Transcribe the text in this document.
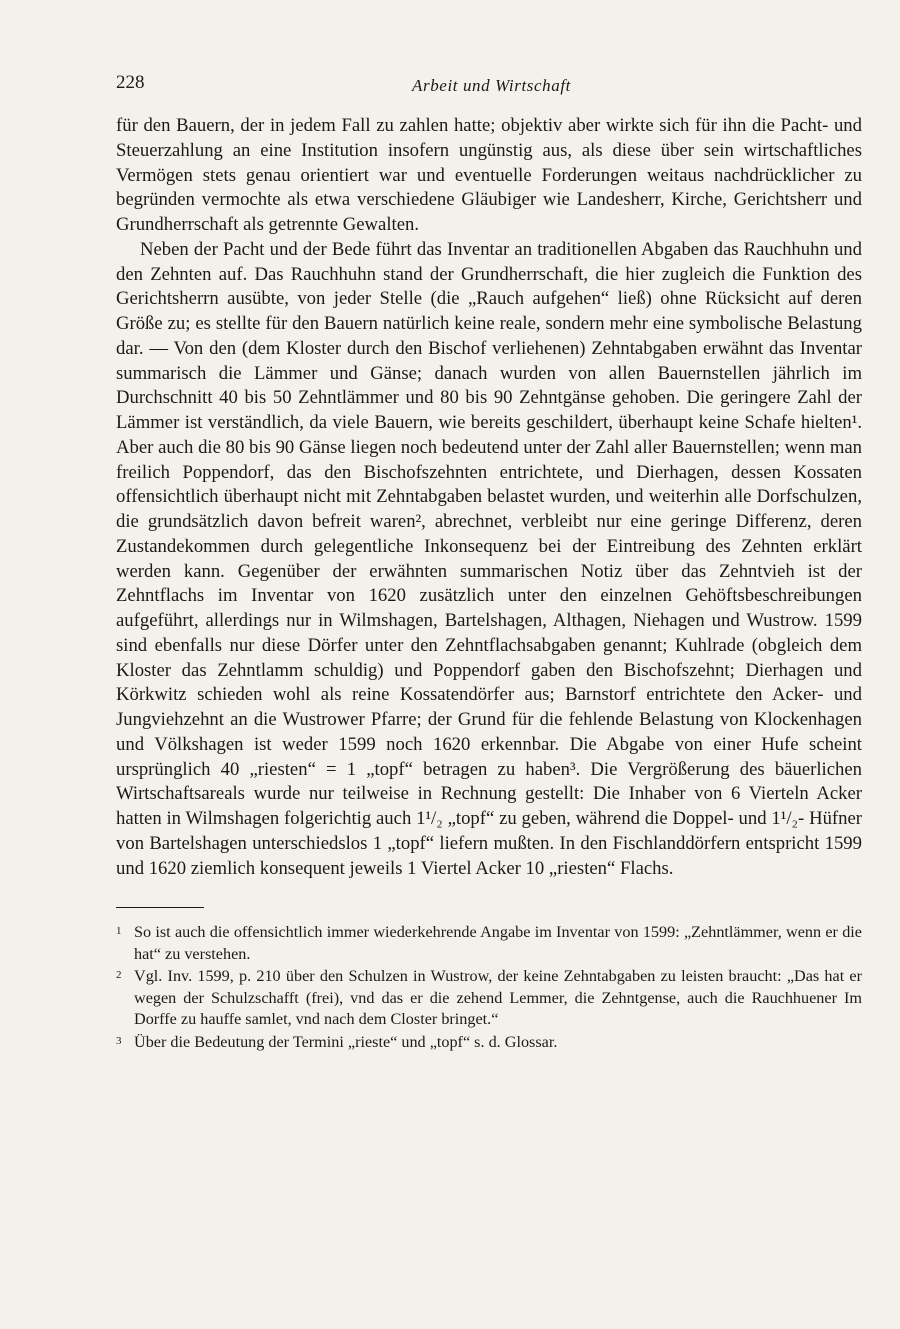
228	Arbeit und Wirtschaft

für den Bauern, der in jedem Fall zu zahlen hatte; objektiv aber wirkte sich für ihn die Pacht- und Steuerzahlung an eine Institution insofern ungünstig aus, als diese über sein wirtschaftliches Vermögen stets genau orientiert war und eventuelle Forderungen weitaus nachdrücklicher zu begründen vermochte als etwa verschiedene Gläubiger wie Landesherr, Kirche, Gerichtsherr und Grundherrschaft als getrennte Gewalten.

Neben der Pacht und der Bede führt das Inventar an traditionellen Abgaben das Rauchhuhn und den Zehnten auf. Das Rauchhuhn stand der Grundherrschaft, die hier zugleich die Funktion des Gerichtsherrn ausübte, von jeder Stelle (die „Rauch aufgehen“ ließ) ohne Rücksicht auf deren Größe zu; es stellte für den Bauern natürlich keine reale, sondern mehr eine symbolische Belastung dar. — Von den (dem Kloster durch den Bischof verliehenen) Zehntabgaben erwähnt das Inventar summarisch die Lämmer und Gänse; danach wurden von allen Bauernstellen jährlich im Durchschnitt 40 bis 50 Zehntlämmer und 80 bis 90 Zehntgänse gehoben. Die geringere Zahl der Lämmer ist verständlich, da viele Bauern, wie bereits geschildert, überhaupt keine Schafe hielten¹. Aber auch die 80 bis 90 Gänse liegen noch bedeutend unter der Zahl aller Bauernstellen; wenn man freilich Poppendorf, das den Bischofszehnten entrichtete, und Dierhagen, dessen Kossaten offensichtlich überhaupt nicht mit Zehntabgaben belastet wurden, und weiterhin alle Dorfschulzen, die grundsätzlich davon befreit waren², abrechnet, verbleibt nur eine geringe Differenz, deren Zustandekommen durch gelegentliche Inkonsequenz bei der Eintreibung des Zehnten erklärt werden kann. Gegenüber der erwähnten summarischen Notiz über das Zehntvieh ist der Zehntflachs im Inventar von 1620 zusätzlich unter den einzelnen Gehöftsbeschreibungen aufgeführt, allerdings nur in Wilmshagen, Bartelshagen, Althagen, Niehagen und Wustrow. 1599 sind ebenfalls nur diese Dörfer unter den Zehntflachsabgaben genannt; Kuhlrade (obgleich dem Kloster das Zehntlamm schuldig) und Poppendorf gaben den Bischofszehnt; Dierhagen und Körkwitz schieden wohl als reine Kossatendörfer aus; Barnstorf entrichtete den Acker- und Jungviehzehnt an die Wustrower Pfarre; der Grund für die fehlende Belastung von Klockenhagen und Völkshagen ist weder 1599 noch 1620 erkennbar. Die Abgabe von einer Hufe scheint ursprünglich 40 „riesten“ = 1 „topf“ betragen zu haben³. Die Vergrößerung des bäuerlichen Wirtschaftsareals wurde nur teilweise in Rechnung gestellt: Die Inhaber von 6 Vierteln Acker hatten in Wilmshagen folgerichtig auch 1¹/₂ „topf“ zu geben, während die Doppel- und 1¹/₂- Hüfner von Bartelshagen unterschiedslos 1 „topf“ liefern mußten. In den Fischlanddörfern entspricht 1599 und 1620 ziemlich konsequent jeweils 1 Viertel Acker 10 „riesten“ Flachs.

1 So ist auch die offensichtlich immer wiederkehrende Angabe im Inventar von 1599: „Zehntlämmer, wenn er die hat“ zu verstehen.
2 Vgl. Inv. 1599, p. 210 über den Schulzen in Wustrow, der keine Zehntabgaben zu leisten braucht: „Das hat er wegen der Schulzschafft (frei), vnd das er die zehend Lemmer, die Zehntgense, auch die Rauchhuener Im Dorffe zu hauffe samlet, vnd nach dem Closter bringet.“
3 Über die Bedeutung der Termini „rieste“ und „topf“ s. d. Glossar.
